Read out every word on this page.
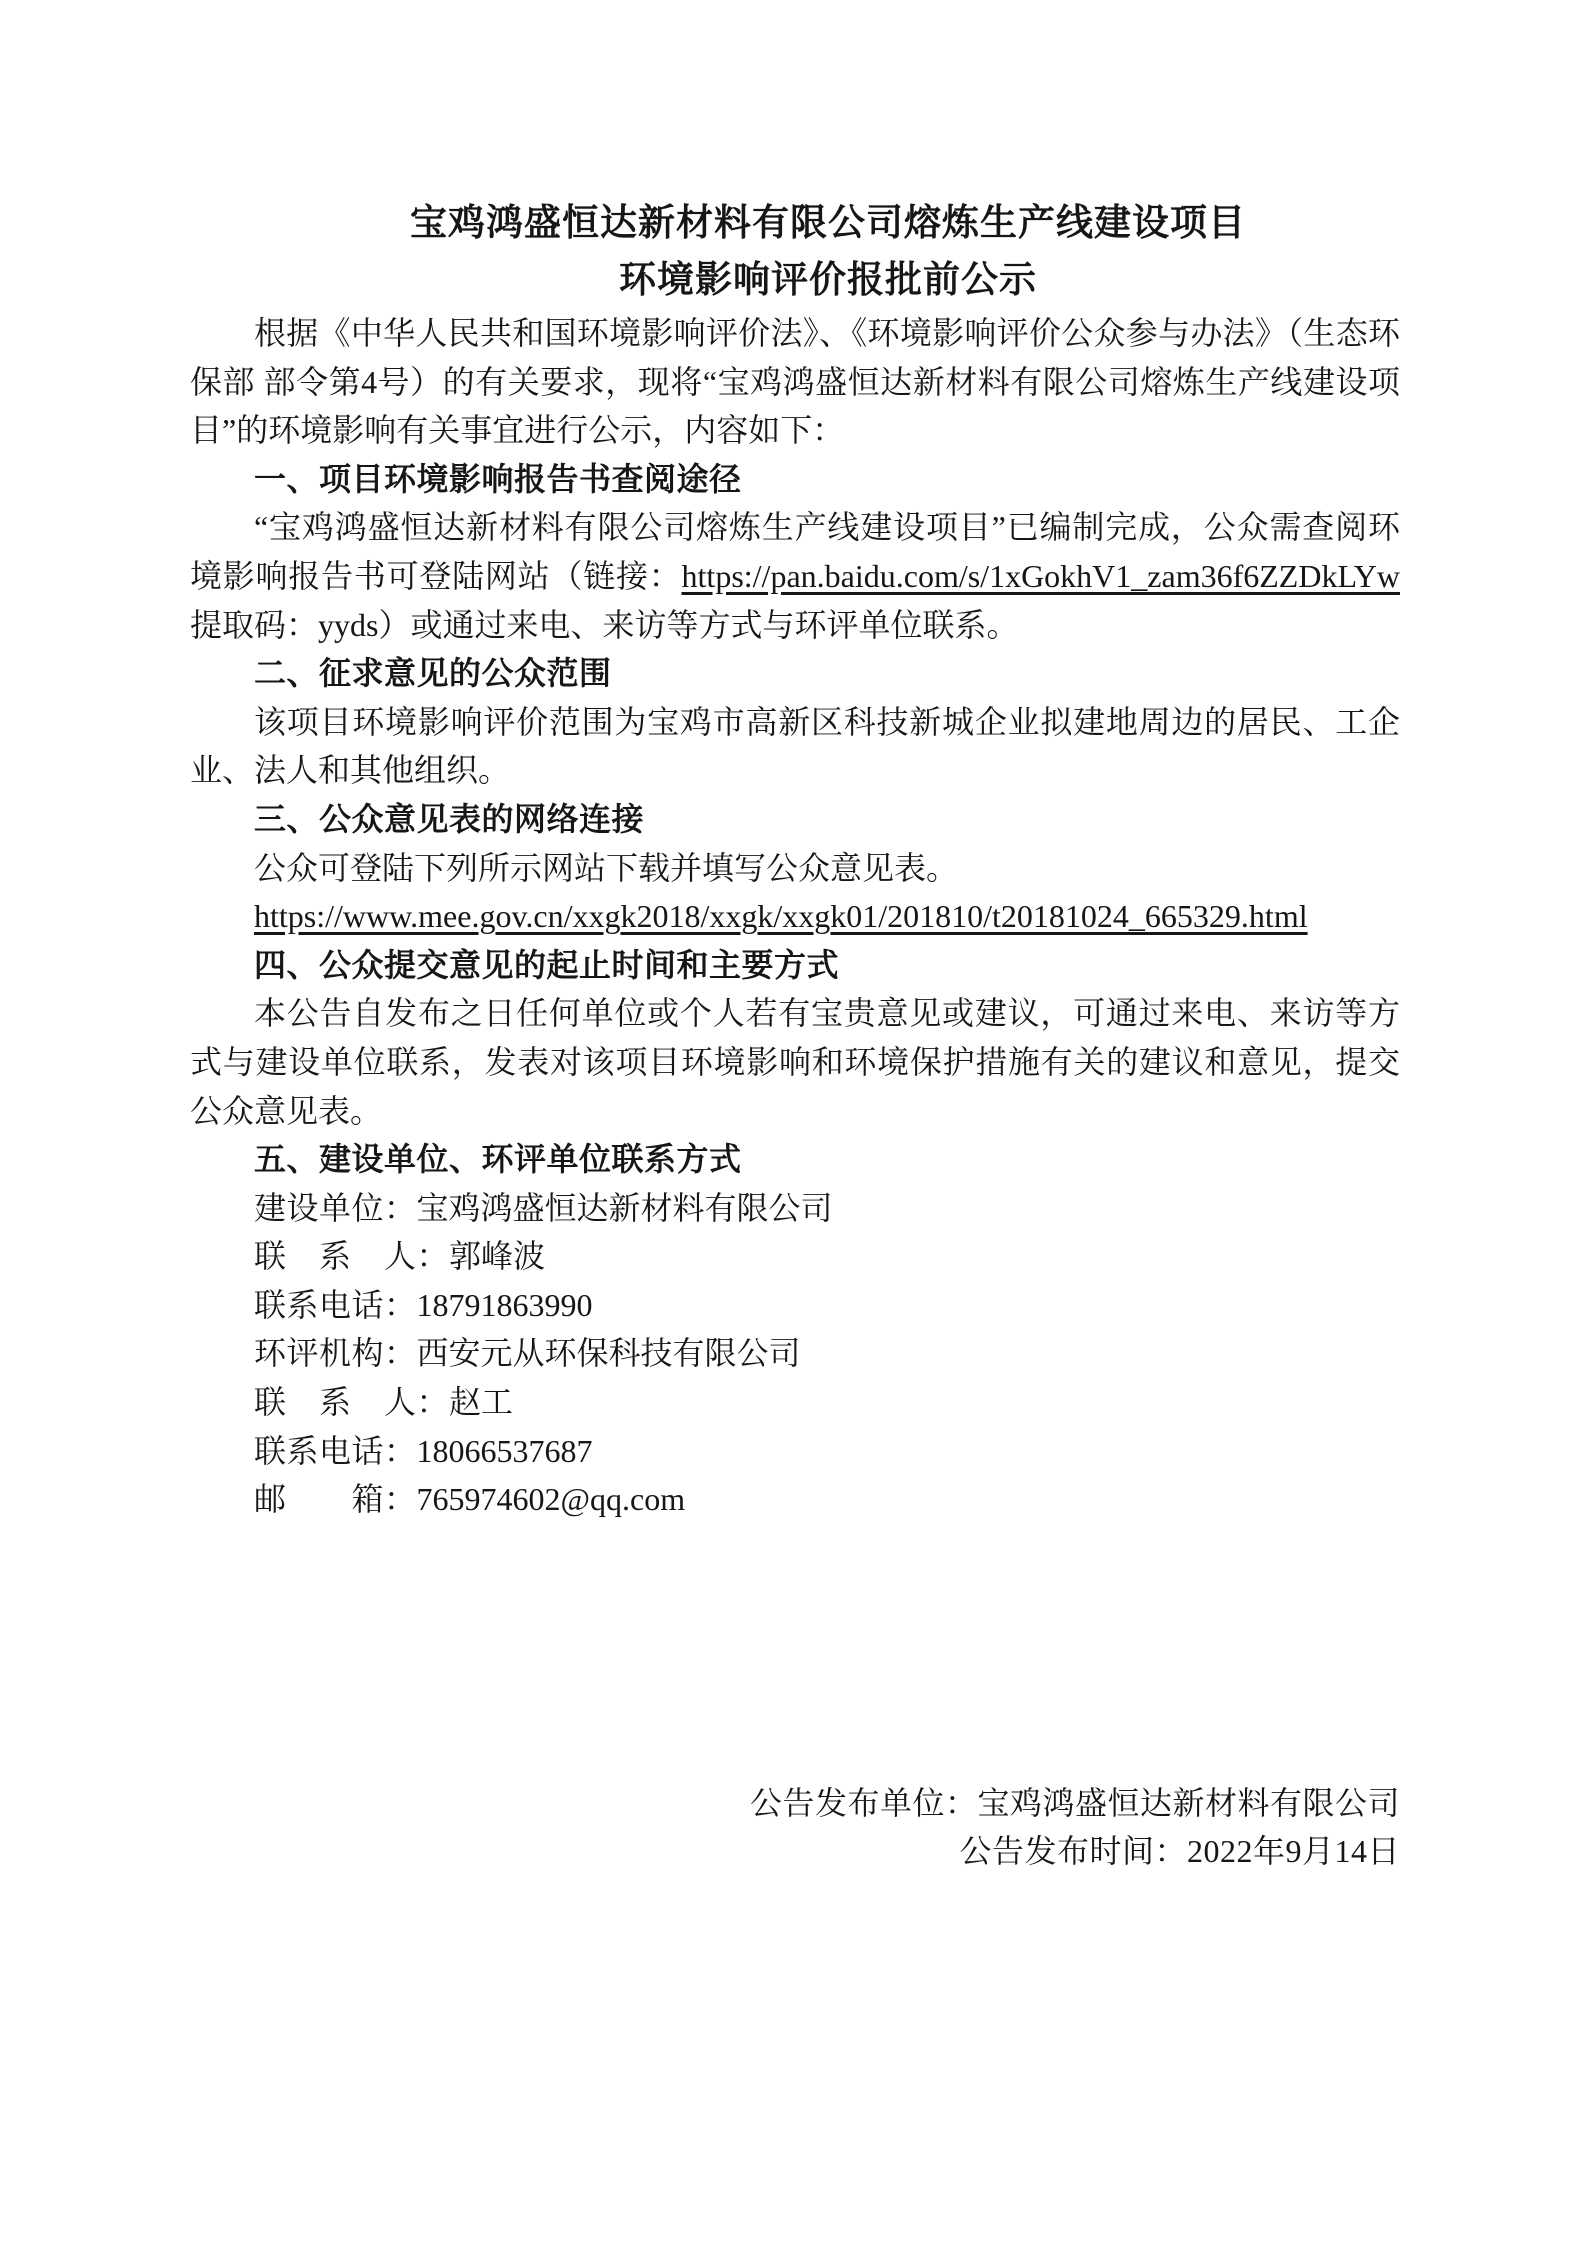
宝鸡鸿盛恒达新材料有限公司熔炼生产线建设项目
环境影响评价报批前公示

根据《中华人民共和国环境影响评价法》、《环境影响评价公众参与办法》（生态环保部 部令第4号）的有关要求，现将“宝鸡鸿盛恒达新材料有限公司熔炼生产线建设项目”的环境影响有关事宜进行公示，内容如下：

一、项目环境影响报告书查阅途径

“宝鸡鸿盛恒达新材料有限公司熔炼生产线建设项目”已编制完成，公众需查阅环境影响报告书可登陆网站（链接：https://pan.baidu.com/s/1xGokhV1_zam36f6ZZDkLYw 提取码：yyds）或通过来电、来访等方式与环评单位联系。

二、征求意见的公众范围

该项目环境影响评价范围为宝鸡市高新区科技新城企业拟建地周边的居民、工企业、法人和其他组织。

三、公众意见表的网络连接

公众可登陆下列所示网站下载并填写公众意见表。

https://www.mee.gov.cn/xxgk2018/xxgk/xxgk01/201810/t20181024_665329.html

四、公众提交意见的起止时间和主要方式

本公告自发布之日任何单位或个人若有宝贵意见或建议，可通过来电、来访等方式与建设单位联系，发表对该项目环境影响和环境保护措施有关的建议和意见，提交公众意见表。

五、建设单位、环评单位联系方式

建设单位：宝鸡鸿盛恒达新材料有限公司

联　系　人：郭峰波

联系电话：18791863990

环评机构：西安元从环保科技有限公司

联　系　人：赵工

联系电话：18066537687

邮　　箱：765974602@qq.com

公告发布单位：宝鸡鸿盛恒达新材料有限公司

公告发布时间：2022年9月14日
